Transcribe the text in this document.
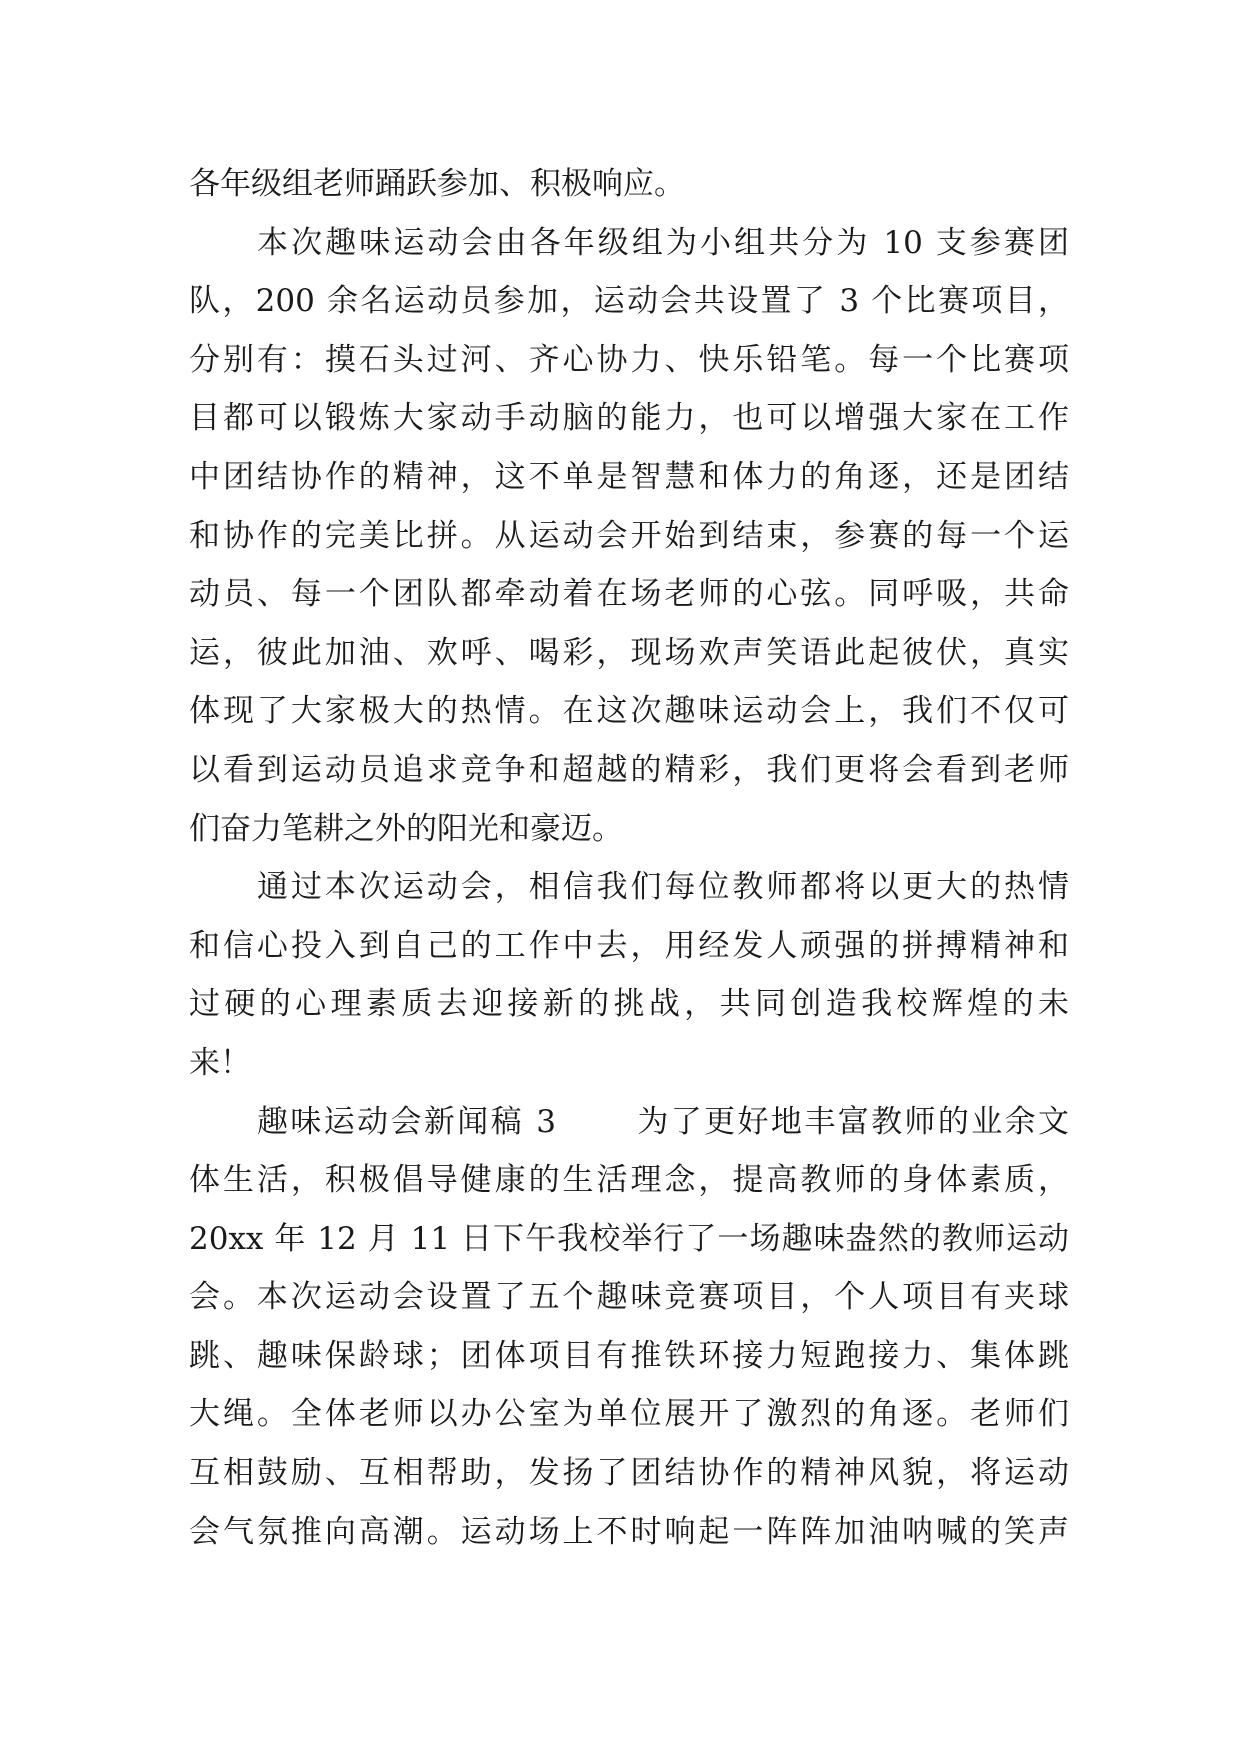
各年级组老师踊跃参加、积极响应。
本次趣味运动会由各年级组为小组共分为 10 支参赛团
队，200 余名运动员参加，运动会共设置了 3 个比赛项目，
分别有：摸石头过河、齐心协力、快乐铅笔。每一个比赛项
目都可以锻炼大家动手动脑的能力，也可以增强大家在工作
中团结协作的精神，这不单是智慧和体力的角逐，还是团结
和协作的完美比拼。从运动会开始到结束，参赛的每一个运
动员、每一个团队都牵动着在场老师的心弦。同呼吸，共命
运，彼此加油、欢呼、喝彩，现场欢声笑语此起彼伏，真实
体现了大家极大的热情。在这次趣味运动会上，我们不仅可
以看到运动员追求竞争和超越的精彩，我们更将会看到老师
们奋力笔耕之外的阳光和豪迈。
通过本次运动会，相信我们每位教师都将以更大的热情
和信心投入到自己的工作中去，用经发人顽强的拼搏精神和
过硬的心理素质去迎接新的挑战，共同创造我校辉煌的未
来！
趣味运动会新闻稿 3　　 为了更好地丰富教师的业余文
体生活，积极倡导健康的生活理念，提高教师的身体素质，
20xx 年 12 月 11 日下午我校举行了一场趣味盎然的教师运动
会。本次运动会设置了五个趣味竞赛项目，个人项目有夹球
跳、趣味保龄球；团体项目有推铁环接力短跑接力、集体跳
大绳。全体老师以办公室为单位展开了激烈的角逐。老师们
互相鼓励、互相帮助，发扬了团结协作的精神风貌，将运动
会气氛推向高潮。运动场上不时响起一阵阵加油呐喊的笑声
